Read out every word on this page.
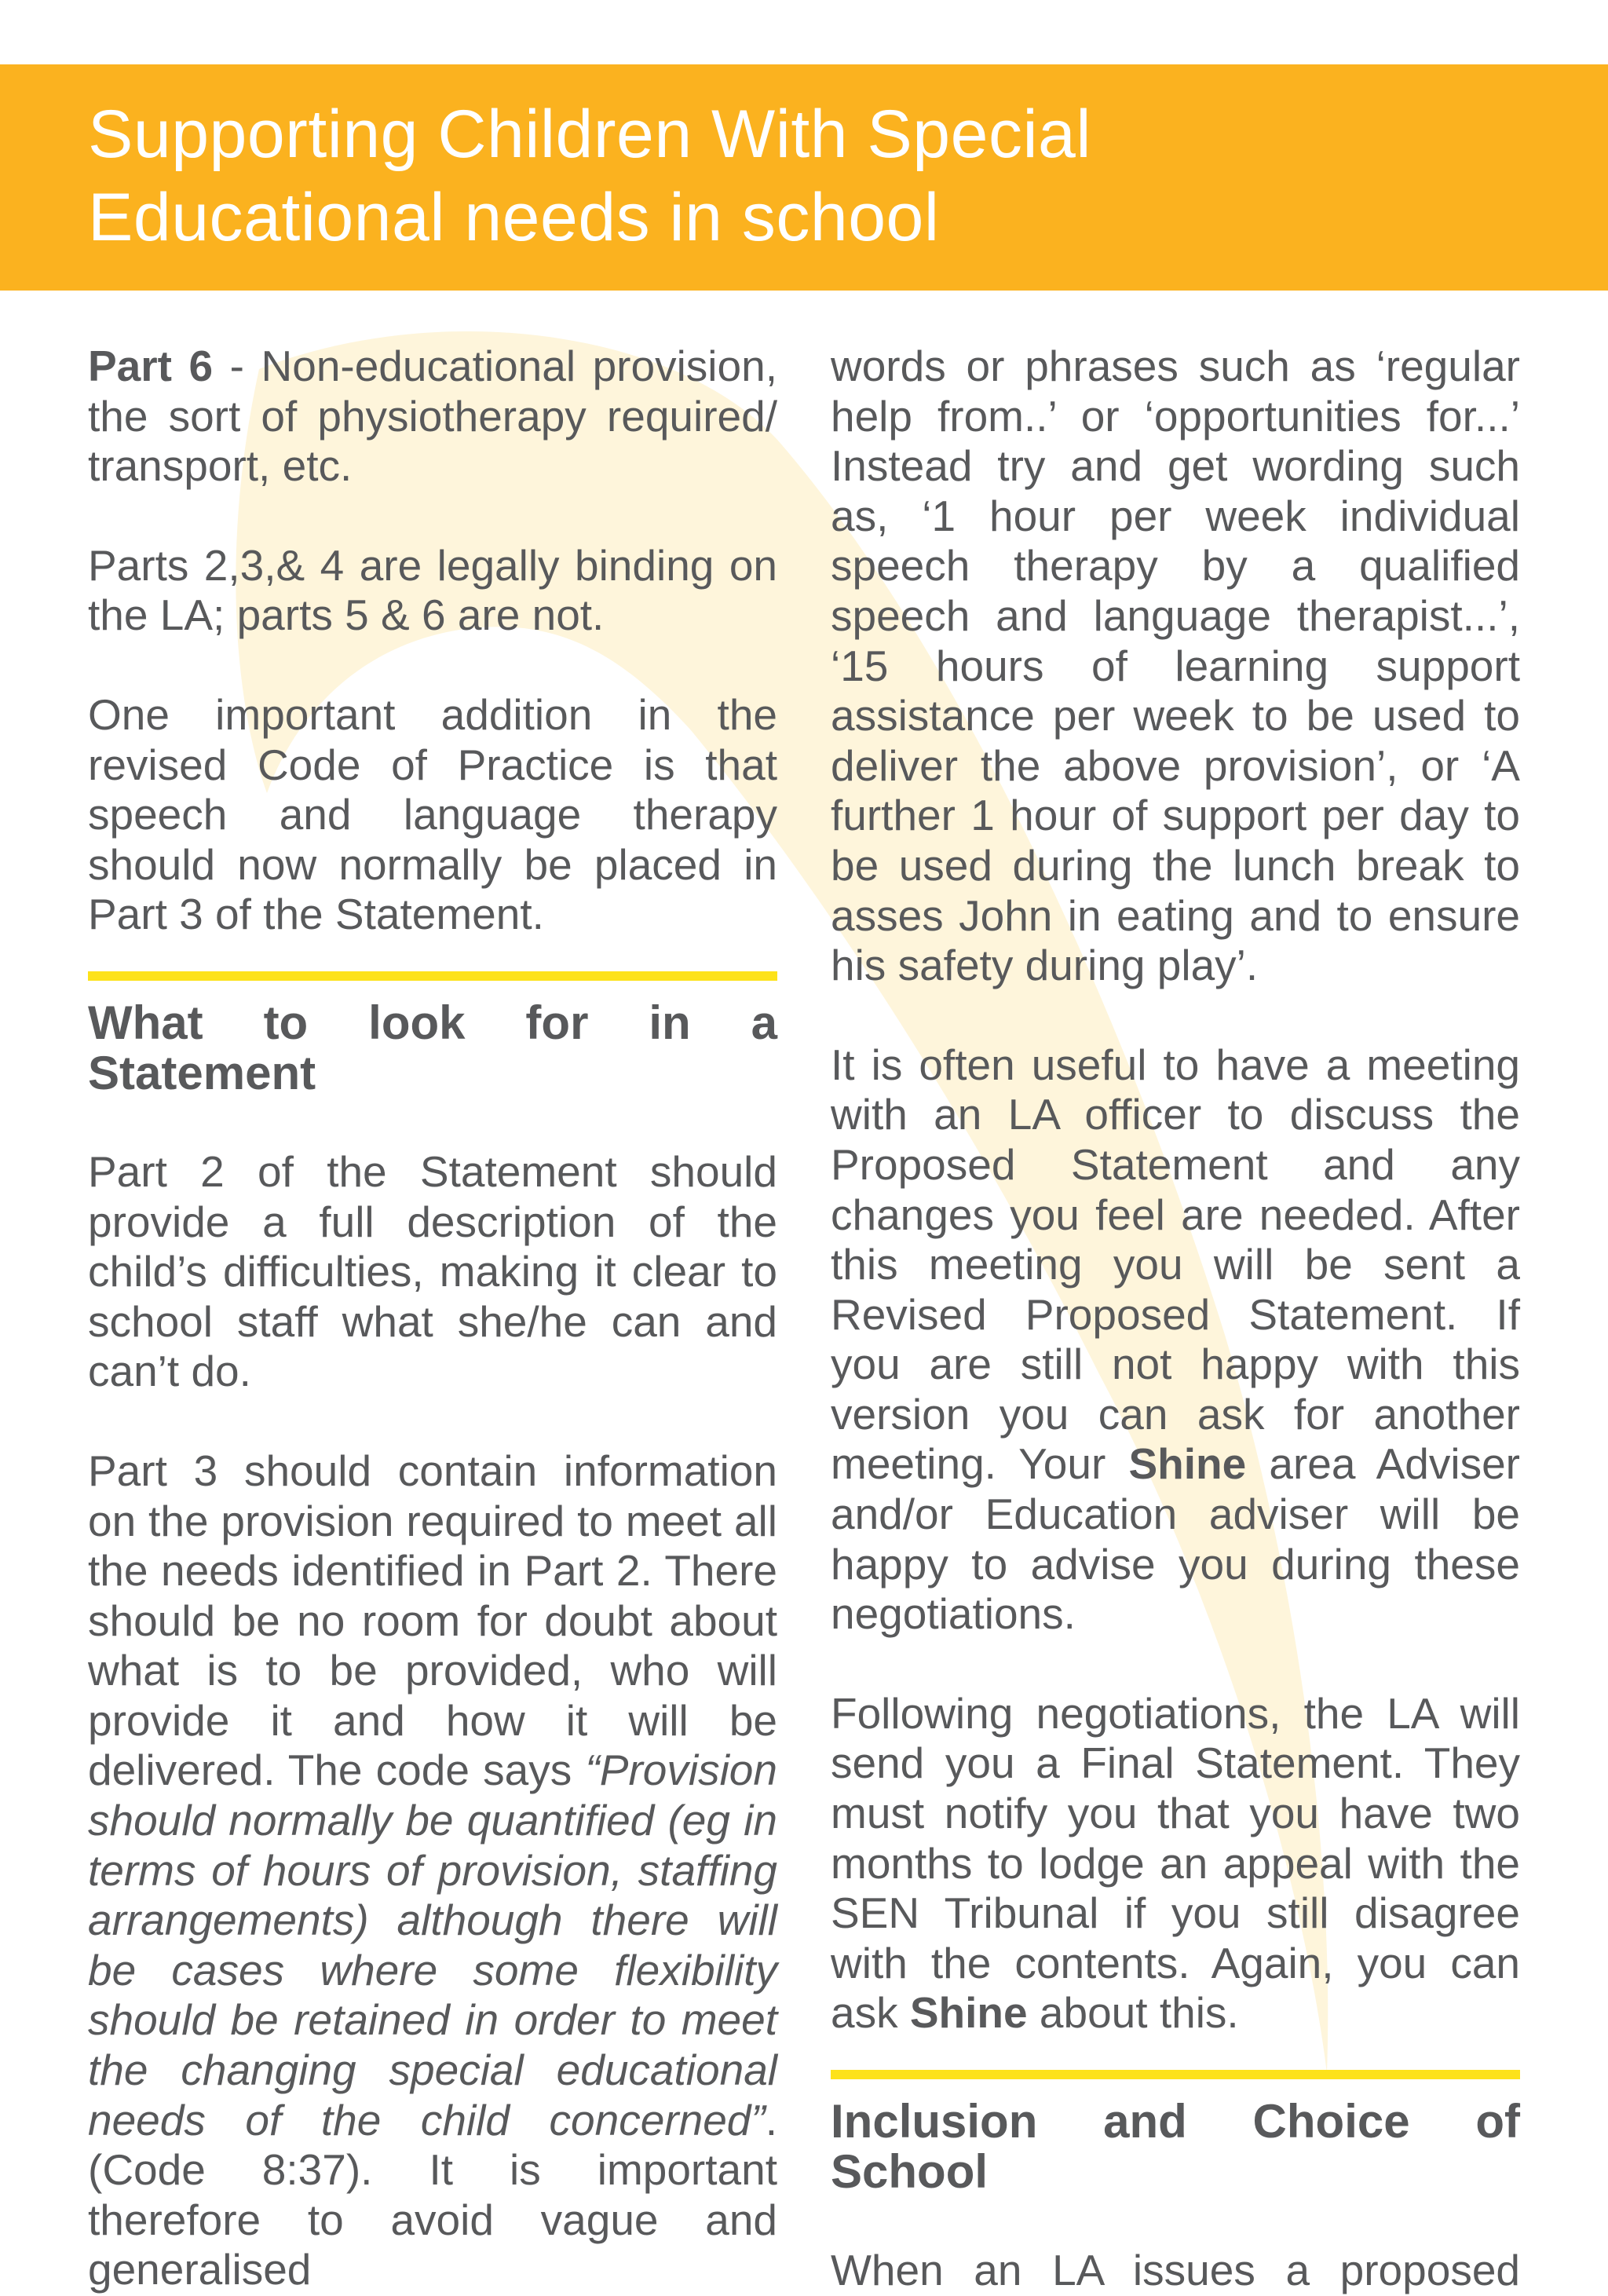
Supporting Children With Special
Educational needs in school

Part 6 - Non-educational provision, the sort of physiotherapy required/ transport, etc.

Parts 2,3,& 4 are legally binding on the LA; parts 5 & 6 are not.

One important addition in the revised Code of Practice is that speech and language therapy should now normally be placed in Part 3 of the Statement.

What to look for in a Statement

Part 2 of the Statement should provide a full description of the child’s difficulties, making it clear to school staff what she/he can and can’t do.

Part 3 should contain information on the provision required to meet all the needs identified in Part 2. There should be no room for doubt about what is to be provided, who will provide it and how it will be delivered. The code says “Provision should normally be quantified (eg in terms of hours of provision, staffing arrangements) although there will be cases where some flexibility should be retained in order to meet the changing special educational needs of the child concerned”. (Code 8:37). It is important therefore to avoid vague and generalised

words or phrases such as ‘regular help from..’ or ‘opportunities for...’ Instead try and get wording such as, ‘1 hour per week individual speech therapy by a qualified speech and language therapist...’, ‘15 hours of learning support assistance per week to be used to deliver the above provision’, or ‘A further 1 hour of support per day to be used during the lunch break to asses John in eating and to ensure his safety during play’.

It is often useful to have a meeting with an LA officer to discuss the Proposed Statement and any changes you feel are needed. After this meeting you will be sent a Revised Proposed Statement. If you are still not happy with this version you can ask for another meeting. Your Shine area Adviser and/or Education adviser will be happy to advise you during these negotiations.

Following negotiations, the LA will send you a Final Statement. They must notify you that you have two months to lodge an appeal with the SEN Tribunal if you still disagree with the contents. Again, you can ask Shine about this.

Inclusion and Choice of School

When an LA issues a proposed
